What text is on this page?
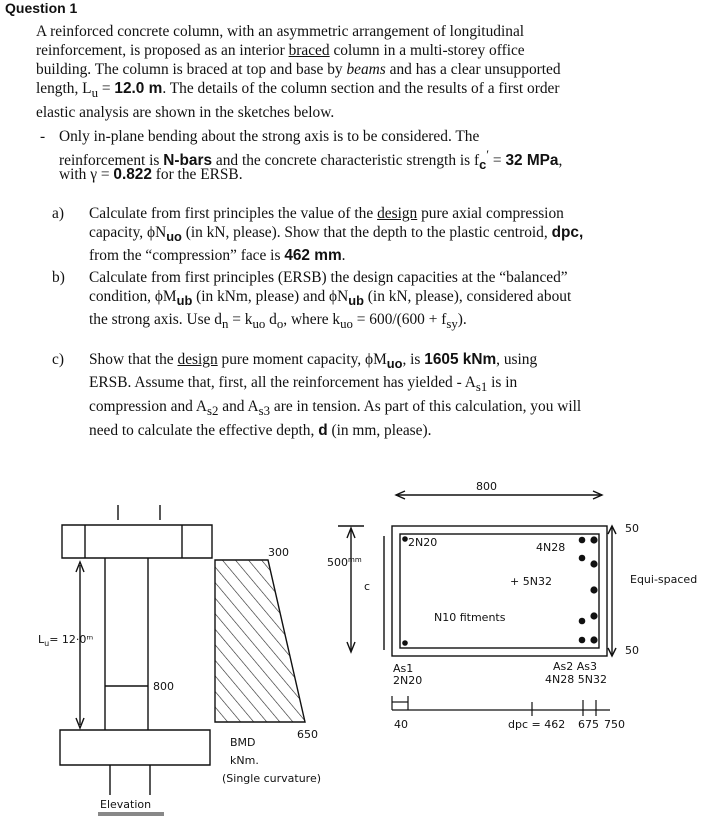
Question 1
A reinforced concrete column, with an asymmetric arrangement of longitudinal
reinforcement, is proposed as an interior braced column in a multi-storey office
building. The column is braced at top and base by beams and has a clear unsupported
length, $L_u = 12.0$ m. The details of the column section and the results of a first order
elastic analysis are shown in the sketches below.
- Only in-plane bending about the strong axis is to be considered. The
reinforcement is N-bars and the concrete characteristic strength is $f_c' = 32$ MPa,
with γ = 0.822 for the ERSB.
a) Calculate from first principles the value of the design pure axial compression
capacity, $\phi N_{uo}$ (in kN, please). Show that the depth to the plastic centroid, dpc,
from the “compression” face is 462 mm.
b) Calculate from first principles (ERSB) the design capacities at the “balanced”
condition, $\phi M_{ub}$ (in kNm, please) and $\phi N_{ub}$ (in kN, please), considered about
the strong axis. Use $d_n = k_{uo}$ $d_o$, where $k_{uo} = 600/(600 + f_{sy})$.
c) Show that the design pure moment capacity, $\phi M_{uo}$, is 1605 kNm, using
ERSB. Assume that, first, all the reinforcement has yielded - $A_{s1}$ is in
compression and $A_{s2}$ and $A_{s3}$ are in tension. As part of this calculation, you will
need to calculate the effective depth, d (in mm, please).
$L_u=$ 12·0ᵐ
800
Elevation
300
650
BMD
kNm.
(Single curvature)
$500^{mm}$
c
800
2N20	4N28
+ 5N32
N10 fitments
50
50
Equi-spaced
As1
2N20
As2 As3
4N28 5N32
40	dpc = 462 675 750
